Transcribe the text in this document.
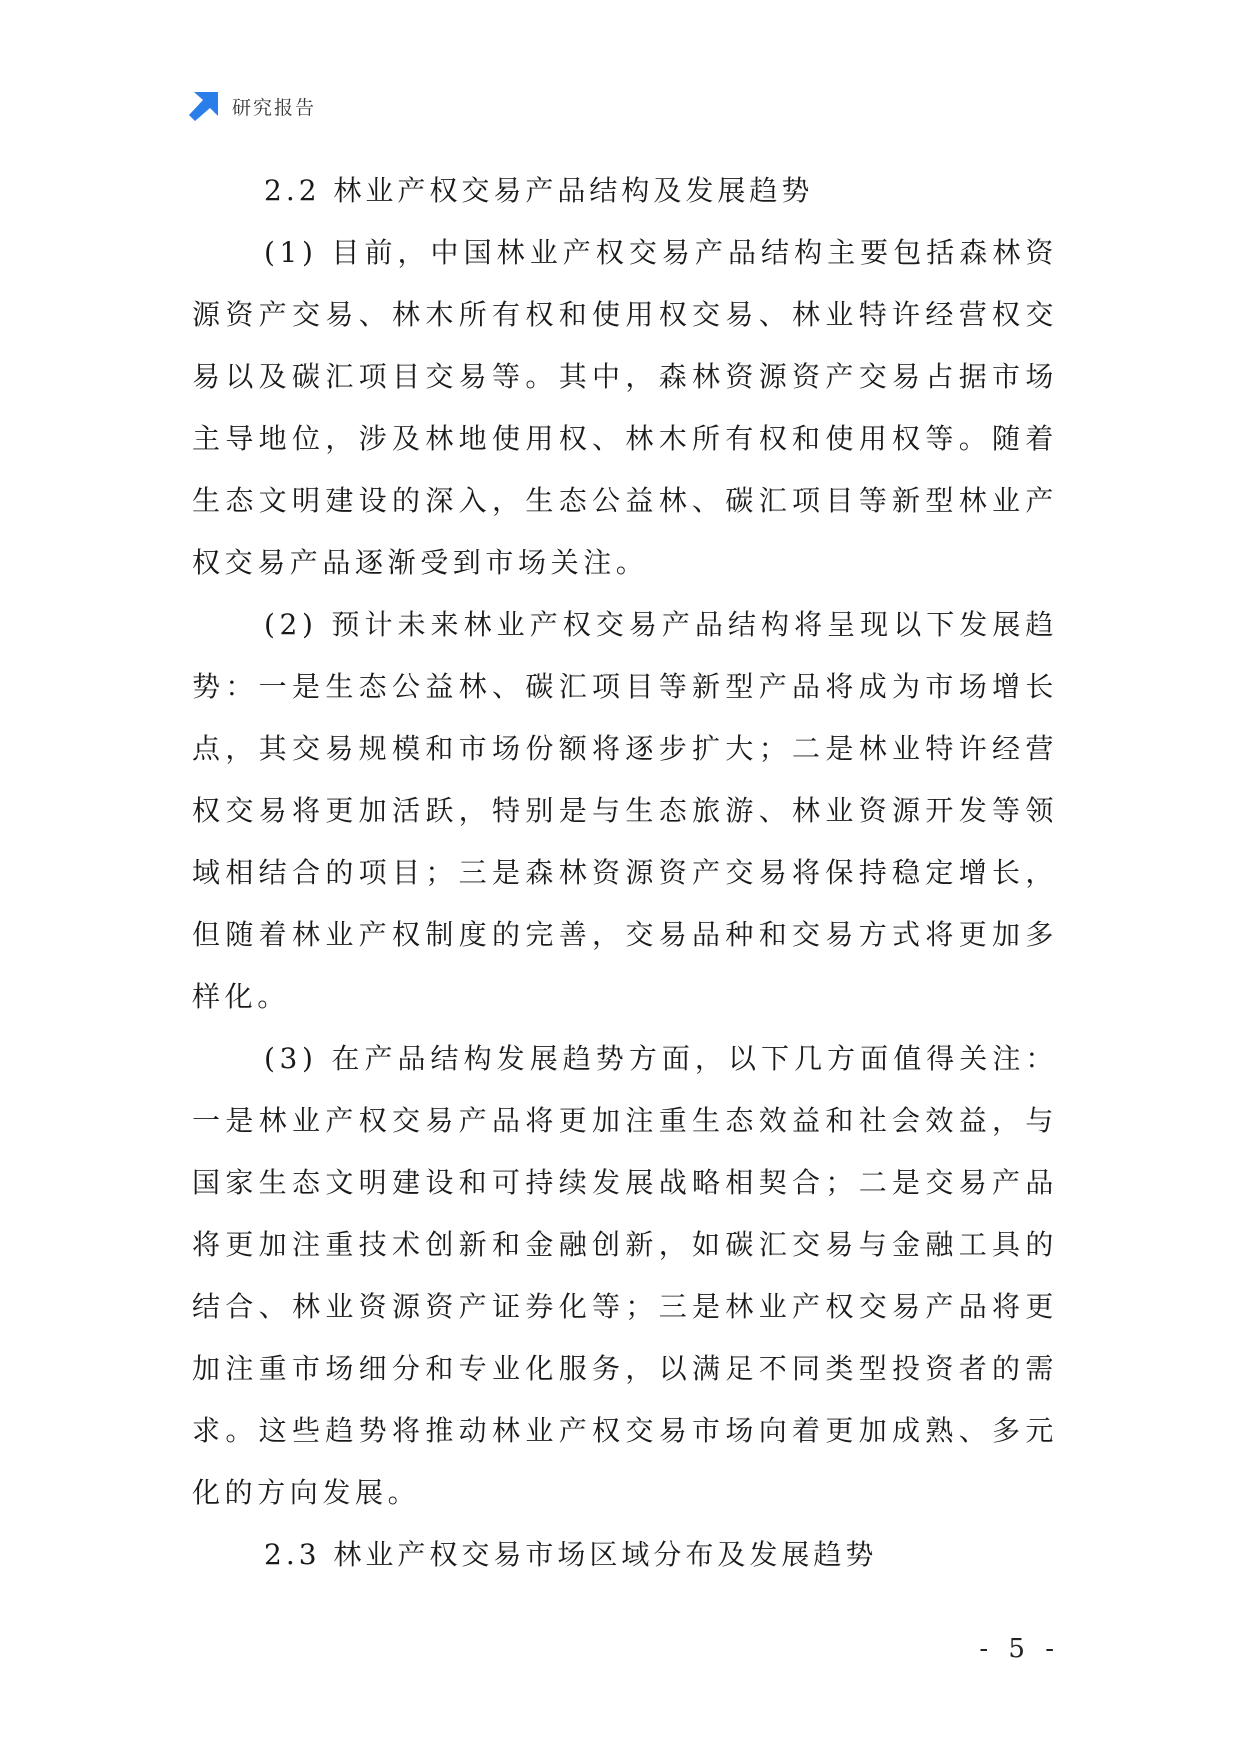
研究报告

2.2 林业产权交易产品结构及发展趋势

(1) 目前，中国林业产权交易产品结构主要包括森林资源资产交易、林木所有权和使用权交易、林业特许经营权交易以及碳汇项目交易等。其中，森林资源资产交易占据市场主导地位，涉及林地使用权、林木所有权和使用权等。随着生态文明建设的深入，生态公益林、碳汇项目等新型林业产权交易产品逐渐受到市场关注。

(2) 预计未来林业产权交易产品结构将呈现以下发展趋势：一是生态公益林、碳汇项目等新型产品将成为市场增长点，其交易规模和市场份额将逐步扩大；二是林业特许经营权交易将更加活跃，特别是与生态旅游、林业资源开发等领域相结合的项目；三是森林资源资产交易将保持稳定增长，但随着林业产权制度的完善，交易品种和交易方式将更加多样化。

(3) 在产品结构发展趋势方面，以下几方面值得关注：一是林业产权交易产品将更加注重生态效益和社会效益，与国家生态文明建设和可持续发展战略相契合；二是交易产品将更加注重技术创新和金融创新，如碳汇交易与金融工具的结合、林业资源资产证券化等；三是林业产权交易产品将更加注重市场细分和专业化服务，以满足不同类型投资者的需求。这些趋势将推动林业产权交易市场向着更加成熟、多元化的方向发展。

2.3 林业产权交易市场区域分布及发展趋势

- 5 -
